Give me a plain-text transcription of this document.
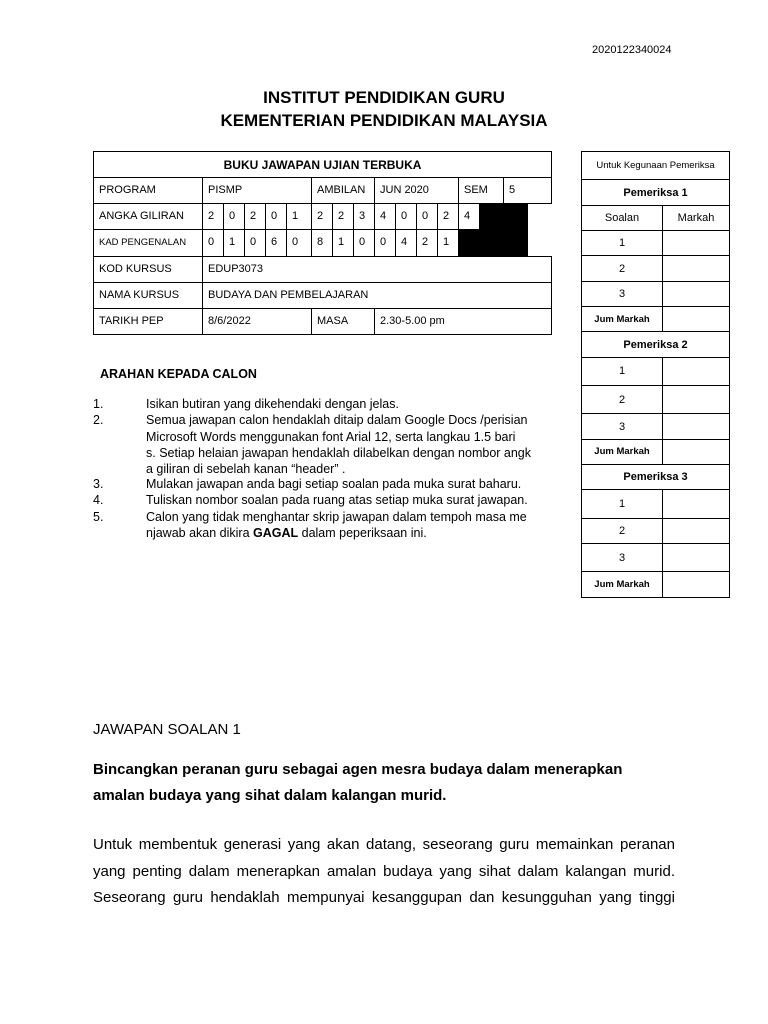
2020122340024
INSTITUT PENDIDIKAN GURU
KEMENTERIAN PENDIDIKAN MALAYSIA
BUKU JAWAPAN UJIAN TERBUKA															
PROGRAM	PISMP					AMBILAN			JUN 2020				SEM		5
ANGKA GILIRAN	2	0	2	0	1	2	2	3	4	0	0	2	4		
KAD PENGENALAN	0	1	0	6	0	8	1	0	0	4	2	1			
KOD KURSUS	EDUP3073														
NAMA KURSUS	BUDAYA DAN PEMBELAJARAN														
TARIKH PEP	8/6/2022					MASA			2.30-5.00 pm						
Untuk Kegunaan Pemeriksa	
Pemeriksa 1	
Soalan	Markah
1	
2	
3	
Jum Markah	
Pemeriksa 2	
1	
2	
3	
Jum Markah	
Pemeriksa 3	
1	
2	
3	
Jum Markah	
ARAHAN KEPADA CALON
1.	Isikan butiran yang dikehendaki dengan jelas.
2.	Semua jawapan calon hendaklah ditaip dalam Google Docs /perisian
Microsoft Words menggunakan font Arial 12, serta langkau 1.5 bari
s. Setiap helaian jawapan hendaklah dilabelkan dengan nombor angk
a giliran di sebelah kanan “header” .
3.	Mulakan jawapan anda bagi setiap soalan pada muka surat baharu.
4.	Tuliskan nombor soalan pada ruang atas setiap muka surat jawapan.
5.	Calon yang tidak menghantar skrip jawapan dalam tempoh masa me
njawab akan dikira GAGAL dalam peperiksaan ini.
JAWAPAN SOALAN 1
Bincangkan peranan guru sebagai agen mesra budaya dalam menerapkan
amalan budaya yang sihat dalam kalangan murid.
Untuk membentuk generasi yang akan datang, seseorang guru memainkan peranan
yang penting dalam menerapkan amalan budaya yang sihat dalam kalangan murid.
Seseorang guru hendaklah mempunyai kesanggupan dan kesungguhan yang tinggi
